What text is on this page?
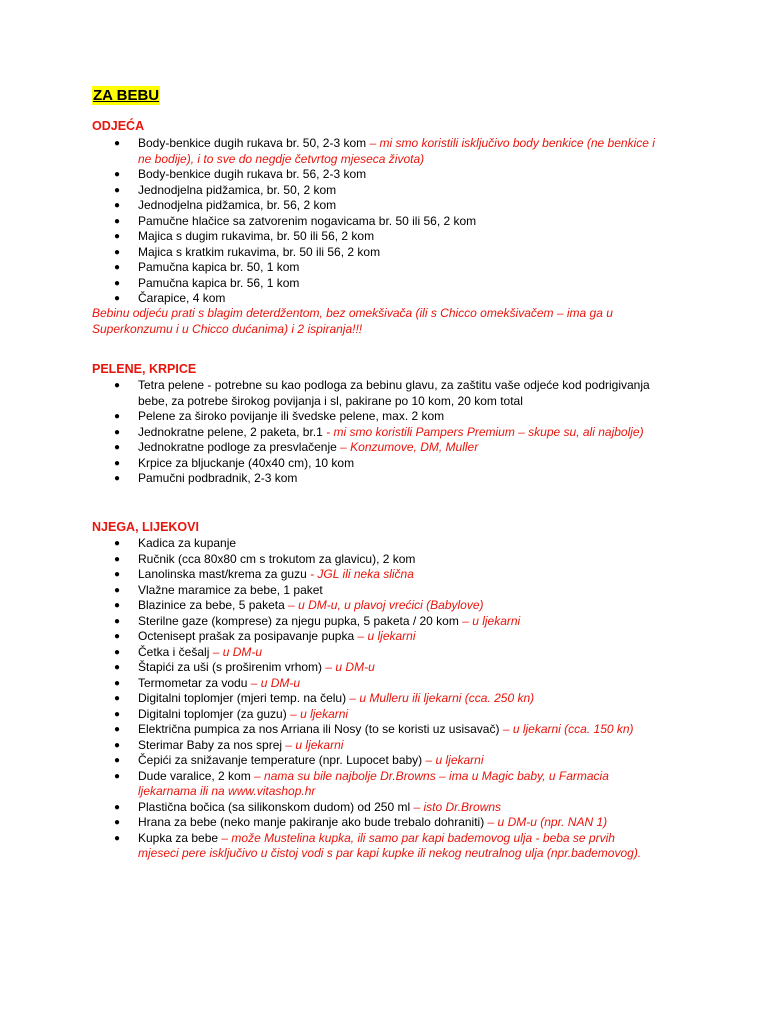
ZA BEBU
ODJEĆA
● Body-benkice dugih rukava br. 50, 2-3 kom – mi smo koristili isključivo body benkice (ne benkice i ne bodije), i to sve do negdje četvrtog mjeseca života)
● Body-benkice dugih rukava br. 56, 2-3 kom
● Jednodjelna pidžamica, br. 50, 2 kom
● Jednodjelna pidžamica, br. 56, 2 kom
● Pamučne hlačice sa zatvorenim nogavicama br. 50 ili 56, 2 kom
● Majica s dugim rukavima, br. 50 ili 56, 2 kom
● Majica s kratkim rukavima, br. 50 ili 56, 2 kom
● Pamučna kapica br. 50, 1 kom
● Pamučna kapica br. 56, 1 kom
● Čarapice, 4 kom

Bebinu odjeću prati s blagim deterdžentom, bez omekšivača (ili s Chicco omekšivačem – ima ga u Superkonzumu i u Chicco dućanima) i 2 ispiranja!!!

PELENE, KRPICE
● Tetra pelene - potrebne su kao podloga za bebinu glavu, za zaštitu vaše odjeće kod podrigivanja bebe, za potrebe širokog povijanja i sl, pakirane po 10 kom, 20 kom total
● Pelene za široko povijanje ili švedske pelene, max. 2 kom
● Jednokratne pelene, 2 paketa, br.1 - mi smo koristili Pampers Premium – skupe su, ali najbolje)
● Jednokratne podloge za presvlačenje – Konzumove, DM, Muller
● Krpice za bljuckanje (40x40 cm), 10 kom
● Pamučni podbradnik, 2-3 kom
NJEGA, LIJEKOVI
● Kadica za kupanje
● Ručnik (cca 80x80 cm s trokutom za glavicu), 2 kom
● Lanolinska mast/krema za guzu - JGL ili neka slična
● Vlažne maramice za bebe, 1 paket
● Blazinice za bebe, 5 paketa – u DM-u, u plavoj vrećici (Babylove)
● Sterilne gaze (komprese) za njegu pupka, 5 paketa / 20 kom – u ljekarni
● Octenisept prašak za posipavanje pupka – u ljekarni
● Četka i češalj – u DM-u
● Štapići za uši (s proširenim vrhom) – u DM-u
● Termometar za vodu – u DM-u
● Digitalni toplomjer (mjeri temp. na čelu) – u Mulleru ili ljekarni (cca. 250 kn)
● Digitalni toplomjer (za guzu) – u ljekarni
● Električna pumpica za nos Arriana ili Nosy (to se koristi uz usisavač) – u ljekarni (cca. 150 kn)
● Sterimar Baby za nos sprej – u ljekarni
● Čepići za snižavanje temperature (npr. Lupocet baby) – u ljekarni
● Dude varalice, 2 kom – nama su bile najbolje Dr.Browns – ima u Magic baby, u Farmacia ljekarnama ili na www.vitashop.hr
● Plastična bočica (sa silikonskom dudom) od 250 ml – isto Dr.Browns
● Hrana za bebe (neko manje pakiranje ako bude trebalo dohraniti) – u DM-u (npr. NAN 1)
● Kupka za bebe – može Mustelina kupka, ili samo par kapi bademovog ulja - beba se prvih mjeseci pere isključivo u čistoj vodi s par kapi kupke ili nekog neutralnog ulja (npr.bademovog).
